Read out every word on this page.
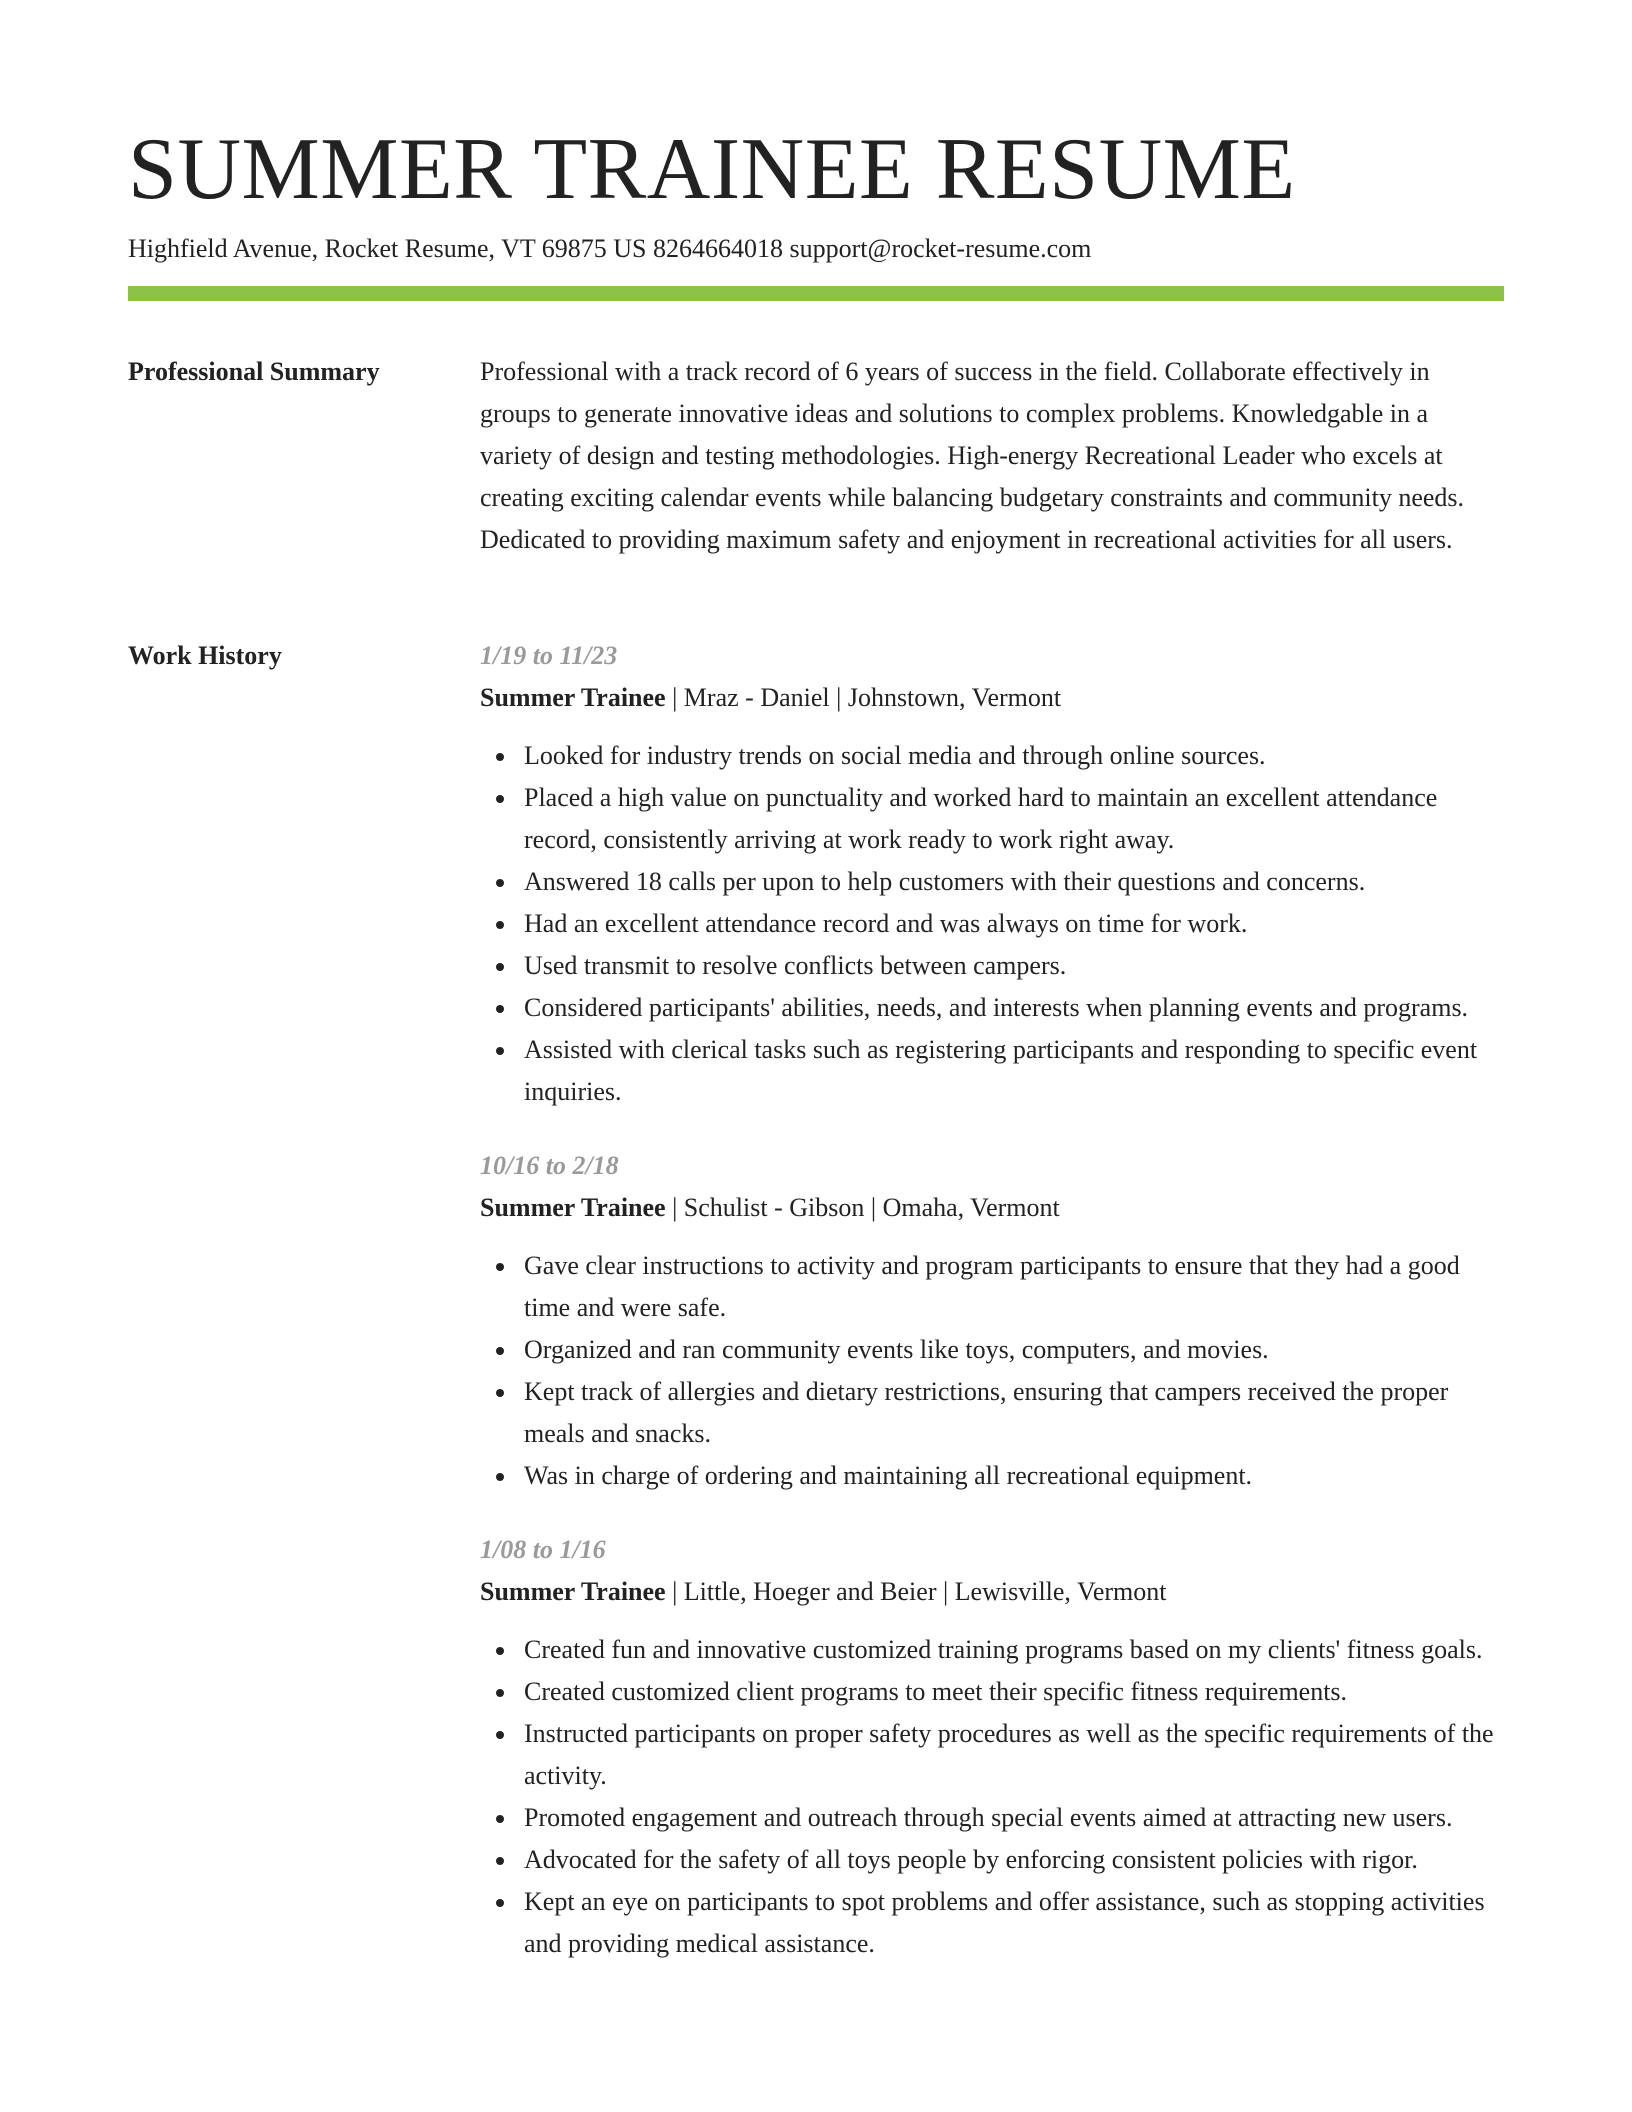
SUMMER TRAINEE RESUME
Highfield Avenue, Rocket Resume, VT 69875 US 8264664018 support@rocket-resume.com
Professional Summary	Professional with a track record of 6 years of success in the field. Collaborate effectively in groups to generate innovative ideas and solutions to complex problems. Knowledgable in a variety of design and testing methodologies. High-energy Recreational Leader who excels at creating exciting calendar events while balancing budgetary constraints and community needs. Dedicated to providing maximum safety and enjoyment in recreational activities for all users.

Work History	1/19 to 11/23
Summer Trainee | Mraz - Daniel | Johnstown, Vermont
Looked for industry trends on social media and through online sources.
Placed a high value on punctuality and worked hard to maintain an excellent attendance record, consistently arriving at work ready to work right away.
Answered 18 calls per upon to help customers with their questions and concerns.
Had an excellent attendance record and was always on time for work.
Used transmit to resolve conflicts between campers.
Considered participants' abilities, needs, and interests when planning events and programs.
Assisted with clerical tasks such as registering participants and responding to specific event inquiries.
10/16 to 2/18
Summer Trainee | Schulist - Gibson | Omaha, Vermont
Gave clear instructions to activity and program participants to ensure that they had a good time and were safe.
Organized and ran community events like toys, computers, and movies.
Kept track of allergies and dietary restrictions, ensuring that campers received the proper meals and snacks.
Was in charge of ordering and maintaining all recreational equipment.
1/08 to 1/16
Summer Trainee | Little, Hoeger and Beier | Lewisville, Vermont
Created fun and innovative customized training programs based on my clients' fitness goals.
Created customized client programs to meet their specific fitness requirements.
Instructed participants on proper safety procedures as well as the specific requirements of the activity.
Promoted engagement and outreach through special events aimed at attracting new users.
Advocated for the safety of all toys people by enforcing consistent policies with rigor.
Kept an eye on participants to spot problems and offer assistance, such as stopping activities and providing medical assistance.
